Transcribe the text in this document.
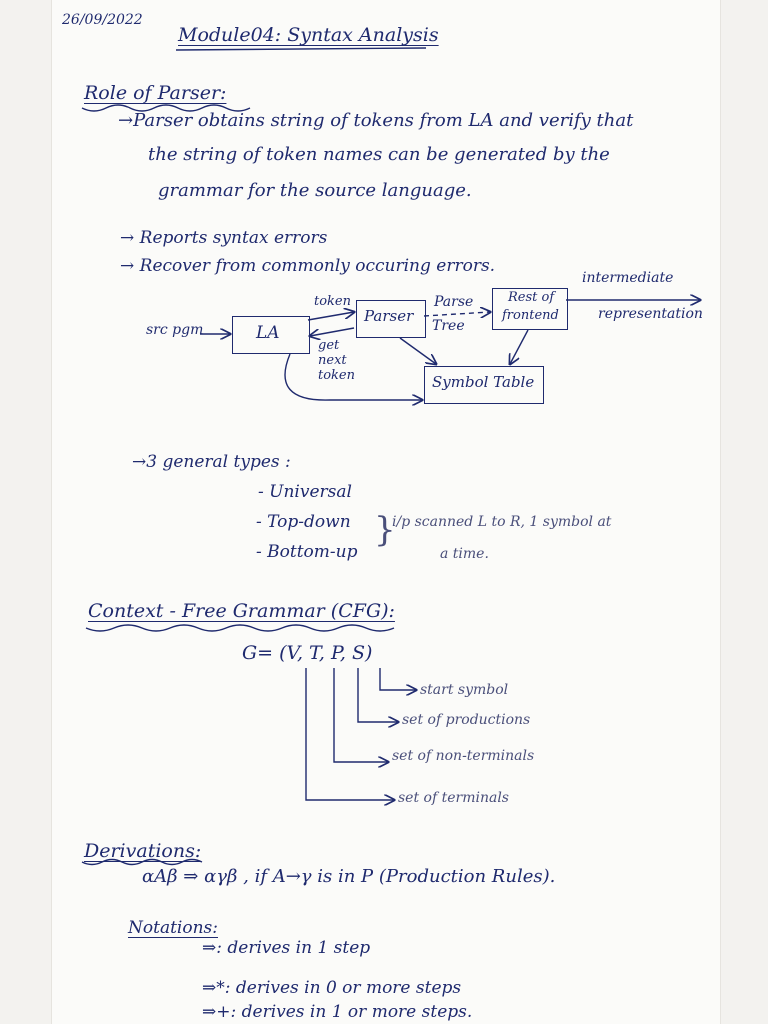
26/09/2022
Module04: Syntax Analysis
Role of Parser:
→Parser obtains string of tokens from LA and verify that
the string of token names can be generated by the
grammar for the source language.
→ Reports syntax errors
→ Recover from commonly occuring errors.
src pgm	LA
Parser
Rest of
frontend
Symbol Table
token
get
next
token
Parse
Tree
intermediate
representation
→3 general types :
- Universal
- Top-down
- Bottom-up
}
i/p scanned L to R, 1 symbol at
a time.
Context - Free Grammar (CFG):
G= (V, T, P, S)
start symbol
set of productions
set of non-terminals
set of terminals
Derivations:
αAβ ⇒ αγβ , if A→γ is in P (Production Rules).
Notations:
⇒: derives in 1 step
⇒*: derives in 0 or more steps
⇒+: derives in 1 or more steps.
